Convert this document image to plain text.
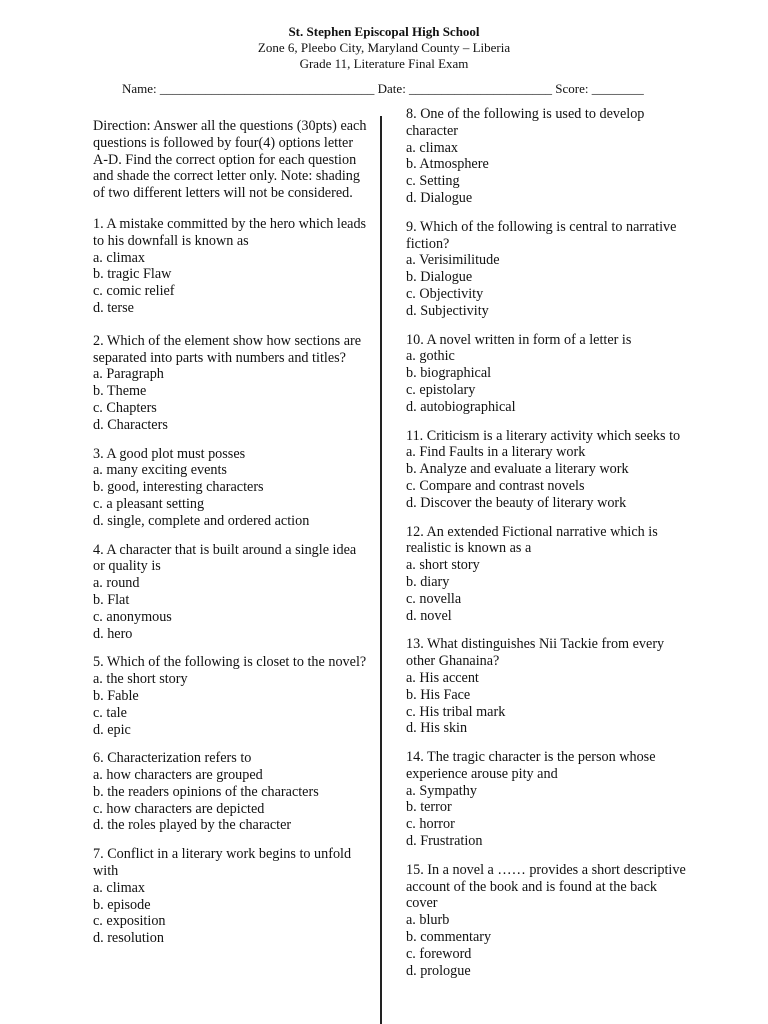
St. Stephen Episcopal High School
Zone 6, Pleebo City, Maryland County – Liberia
Grade 11, Literature Final Exam
Name: _________________________________ Date: ______________________ Score: ________
Direction: Answer all the questions (30pts) each questions is followed by four(4) options letter A-D. Find the correct option for each question and shade the correct letter only. Note: shading of two different letters will not be considered.
1. A mistake committed by the hero which leads to his downfall is known as
a. climax
b. tragic Flaw
c. comic relief
d. terse
2. Which of the element show how sections are separated into parts with numbers and titles?
a. Paragraph
b. Theme
c. Chapters
d. Characters
3. A good plot must posses
a. many exciting events
b. good, interesting characters
c. a pleasant setting
d. single, complete and ordered action
4. A character that is built around a single idea or quality is
a. round
b. Flat
c. anonymous
d. hero
5. Which of the following is closet to the novel?
a. the short story
b. Fable
c. tale
d. epic
6. Characterization refers to
a. how characters are grouped
b. the readers opinions of the characters
c. how characters are depicted
d. the roles played by the character
7. Conflict in a literary work begins to unfold with
a. climax
b. episode
c. exposition
d. resolution
8. One of the following is used to develop character
a. climax
b. Atmosphere
c. Setting
d. Dialogue
9. Which of the following is central to narrative fiction?
a. Verisimilitude
b. Dialogue
c. Objectivity
d. Subjectivity
10. A novel written in form of a letter is
a. gothic
b. biographical
c. epistolary
d. autobiographical
11. Criticism is a literary activity which seeks to
a. Find Faults in a literary work
b. Analyze and evaluate a literary work
c. Compare and contrast novels
d. Discover the beauty of literary work
12. An extended Fictional narrative which is realistic is known as a
a. short story
b. diary
c. novella
d. novel
13. What distinguishes Nii Tackie from every other Ghanaina?
a. His accent
b. His Face
c. His tribal mark
d. His skin
14. The tragic character is the person whose experience arouse pity and
a. Sympathy
b. terror
c. horror
d. Frustration
15. In a novel a …… provides a short descriptive account of the book and is found at the back cover
a. blurb
b. commentary
c. foreword
d. prologue
